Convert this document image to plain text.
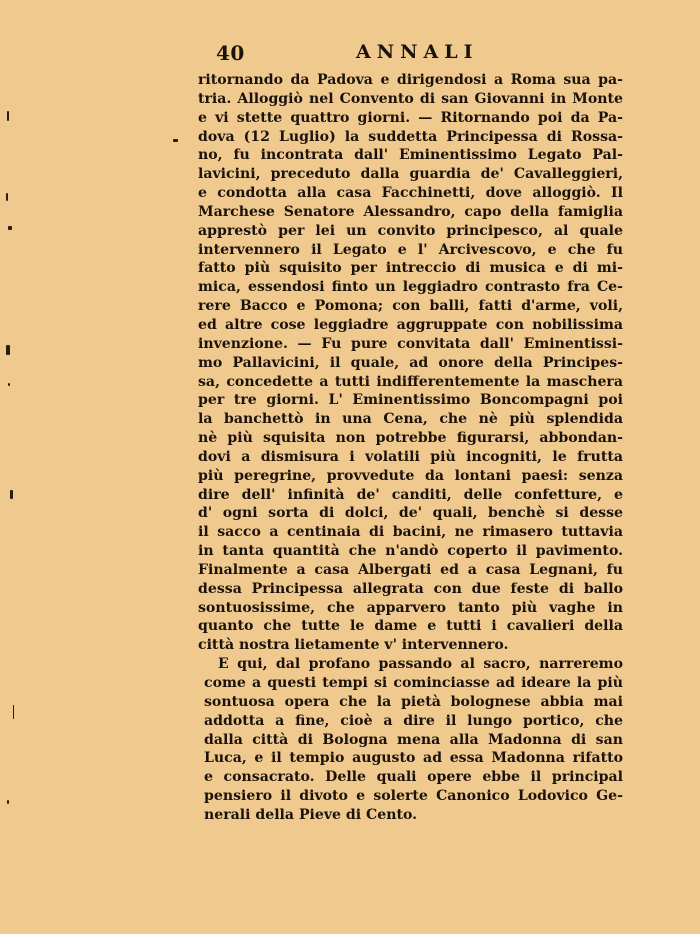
40	ANNALI
ritornando da Padova e dirigendosi a Roma sua pa-
tria. Alloggiò nel Convento di san Giovanni in Monte
e vi stette quattro giorni. — Ritornando poi da Pa-
dova (12 Luglio) la suddetta Principessa di Rossa-
no, fu incontrata dall' Eminentissimo Legato Pal-
lavicini, preceduto dalla guardia de' Cavalleggieri,
e condotta alla casa Facchinetti, dove alloggiò. Il
Marchese Senatore Alessandro, capo della famiglia
apprestò per lei un convito principesco, al quale
intervennero il Legato e l' Arcivescovo, e che fu
fatto più squisito per intreccio di musica e di mi-
mica, essendosi finto un leggiadro contrasto fra Ce-
rere Bacco e Pomona; con balli, fatti d'arme, voli,
ed altre cose leggiadre aggruppate con nobilissima
invenzione. — Fu pure convitata dall' Eminentissi-
mo Pallavicini, il quale, ad onore della Principes-
sa, concedette a tutti indifferentemente la maschera
per tre giorni. L' Eminentissimo Boncompagni poi
la banchettò in una Cena, che nè più splendida
nè più squisita non potrebbe figurarsi, abbondan-
dovi a dismisura i volatili più incogniti, le frutta
più peregrine, provvedute da lontani paesi: senza
dire dell' infinità de' canditi, delle confetture, e
d' ogni sorta di dolci, de' quali, benchè si desse
il sacco a centinaia di bacini, ne rimasero tuttavia
in tanta quantità che n'andò coperto il pavimento.
Finalmente a casa Albergati ed a casa Legnani, fu
dessa Principessa allegrata con due feste di ballo
sontuosissime, che apparvero tanto più vaghe in
quanto che tutte le dame e tutti i cavalieri della
città nostra lietamente v' intervennero.
E qui, dal profano passando al sacro, narreremo
come a questi tempi si cominciasse ad ideare la più
sontuosa opera che la pietà bolognese abbia mai
addotta a fine, cioè a dire il lungo portico, che
dalla città di Bologna mena alla Madonna di san
Luca, e il tempio augusto ad essa Madonna rifatto
e consacrato. Delle quali opere ebbe il principal
pensiero il divoto e solerte Canonico Lodovico Ge-
nerali della Pieve di Cento.
